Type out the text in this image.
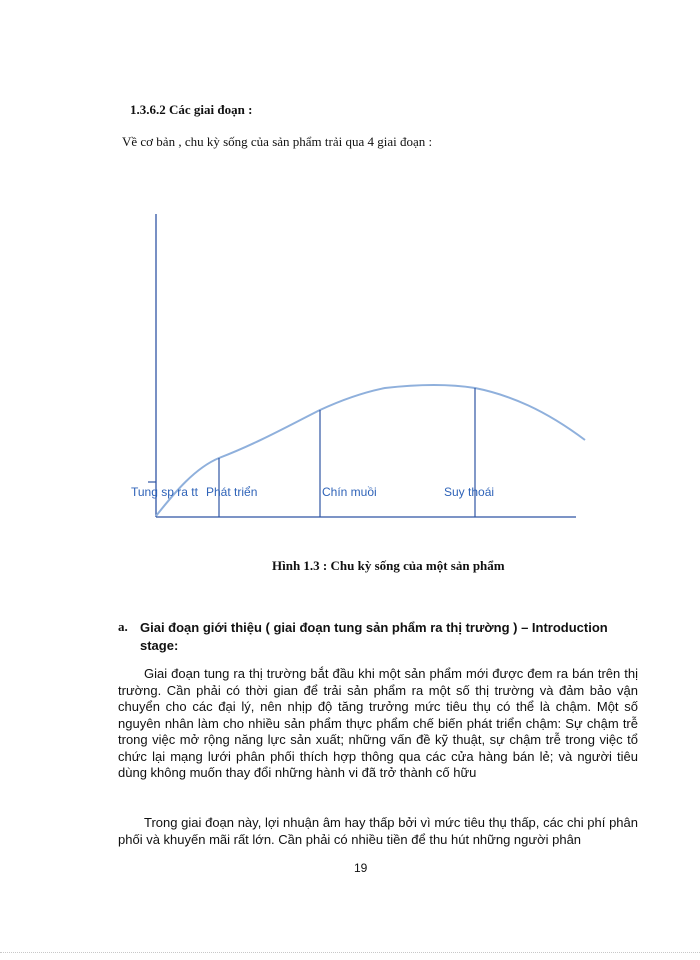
1.3.6.2 Các giai đoạn :
Về cơ bản , chu kỳ sống của sản phẩm trải qua 4 giai đoạn :
Tung sp ra tt Phát triển	Chín muồi	Suy thoái
Hình 1.3 : Chu kỳ sống của một sản phẩm
a. Giai đoạn giới thiệu ( giai đoạn tung sản phẩm ra thị trường ) – Introduction stage:

Giai đoạn tung ra thị trường bắt đầu khi một sản phẩm mới được đem ra bán trên thị trường. Cần phải có thời gian để trải sản phẩm ra một số thị trường và đảm bảo vận chuyển cho các đại lý, nên nhịp độ tăng trưởng mức tiêu thụ có thể là chậm. Một số nguyên nhân làm cho nhiều sản phẩm thực phẩm chế biến phát triển chậm: Sự chậm trễ trong việc mở rộng năng lực sản xuất; những vấn đề kỹ thuật, sự chậm trễ trong việc tổ chức lại mạng lưới phân phối thích hợp thông qua các cửa hàng bán lẻ; và người tiêu dùng không muốn thay đổi những hành vi đã trở thành cố hữu

Trong giai đoạn này, lợi nhuận âm hay thấp bởi vì mức tiêu thụ thấp, các chi phí phân phối và khuyến mãi rất lớn. Cần phải có nhiều tiền để thu hút những người phân

19
